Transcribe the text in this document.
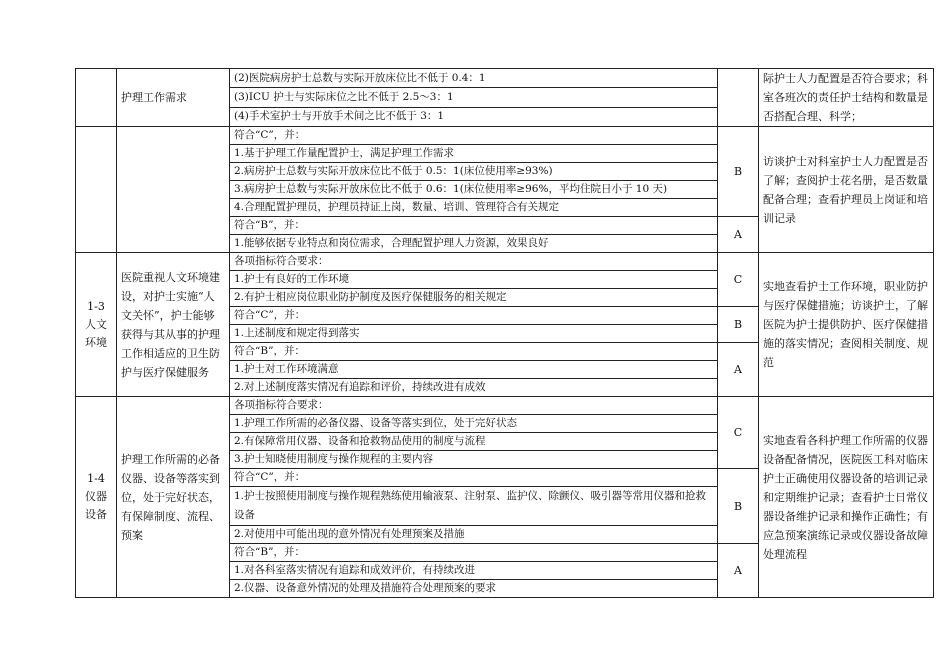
	护理工作需求	(2)医院病房护士总数与实际开放床位比不低于 0.4：1		际护士人力配置是否符合要求；科室各班次的责任护士结构和数量是否搭配合理、科学；
		(3)ICU 护士与实际床位之比不低于 2.5～3：1		
		(4)手术室护士与开放手术间之比不低于 3：1		
		符合“C”，并：	B	访谈护士对科室护士人力配置是否了解；查阅护士花名册，是否数量配备合理；查看护理员上岗证和培训记录
		1.基于护理工作量配置护士，满足护理工作需求		
		2.病房护士总数与实际开放床位比不低于 0.5：1(床位使用率≥93%)		
		3.病房护士总数与实际开放床位比不低于 0.6：1(床位使用率≥96%，平均住院日小于 10 天)		
		4.合理配置护理员，护理员持证上岗，数量、培训、管理符合有关规定		
		符合“B”，并：	A	
		1.能够依据专业特点和岗位需求，合理配置护理人力资源，效果良好		
1-3
人文
环境	医院重视人文环境建设，对护士实施“人文关怀”，护士能够获得与其从事的护理工作相适应的卫生防护与医疗保健服务	各项指标符合要求：	C	实地查看护士工作环境，职业防护与医疗保健措施；访谈护士，了解医院为护士提供防护、医疗保健措施的落实情况；查阅相关制度、规范
		1.护士有良好的工作环境		
		2.有护士相应岗位职业防护制度及医疗保健服务的相关规定		
		符合“C”，并：	B	
		1.上述制度和规定得到落实		
		符合“B”，并：	A	
		1.护士对工作环境满意		
		2.对上述制度落实情况有追踪和评价，持续改进有成效		
1-4
仪器
设备	护理工作所需的必备仪器、设备等落实到位，处于完好状态，有保障制度、流程、预案	各项指标符合要求：	C	实地查看各科护理工作所需的仪器设备配备情况，医院医工科对临床护士正确使用仪器设备的培训记录和定期维护记录；查看护士日常仪器设备维护记录和操作正确性；有应急预案演练记录或仪器设备故障处理流程
		1.护理工作所需的必备仪器、设备等落实到位，处于完好状态		
		2.有保障常用仪器、设备和抢救物品使用的制度与流程		
		3.护士知晓使用制度与操作规程的主要内容		
		符合“C”，并：	B	
		1.护士按照使用制度与操作规程熟练使用输液泵、注射泵、监护仪、除颤仪、吸引器等常用仪器和抢救设备		
		2.对使用中可能出现的意外情况有处理预案及措施		
		符合“B”，并：	A	
		1.对各科室落实情况有追踪和成效评价，有持续改进		
		2.仪器、设备意外情况的处理及措施符合处理预案的要求		
